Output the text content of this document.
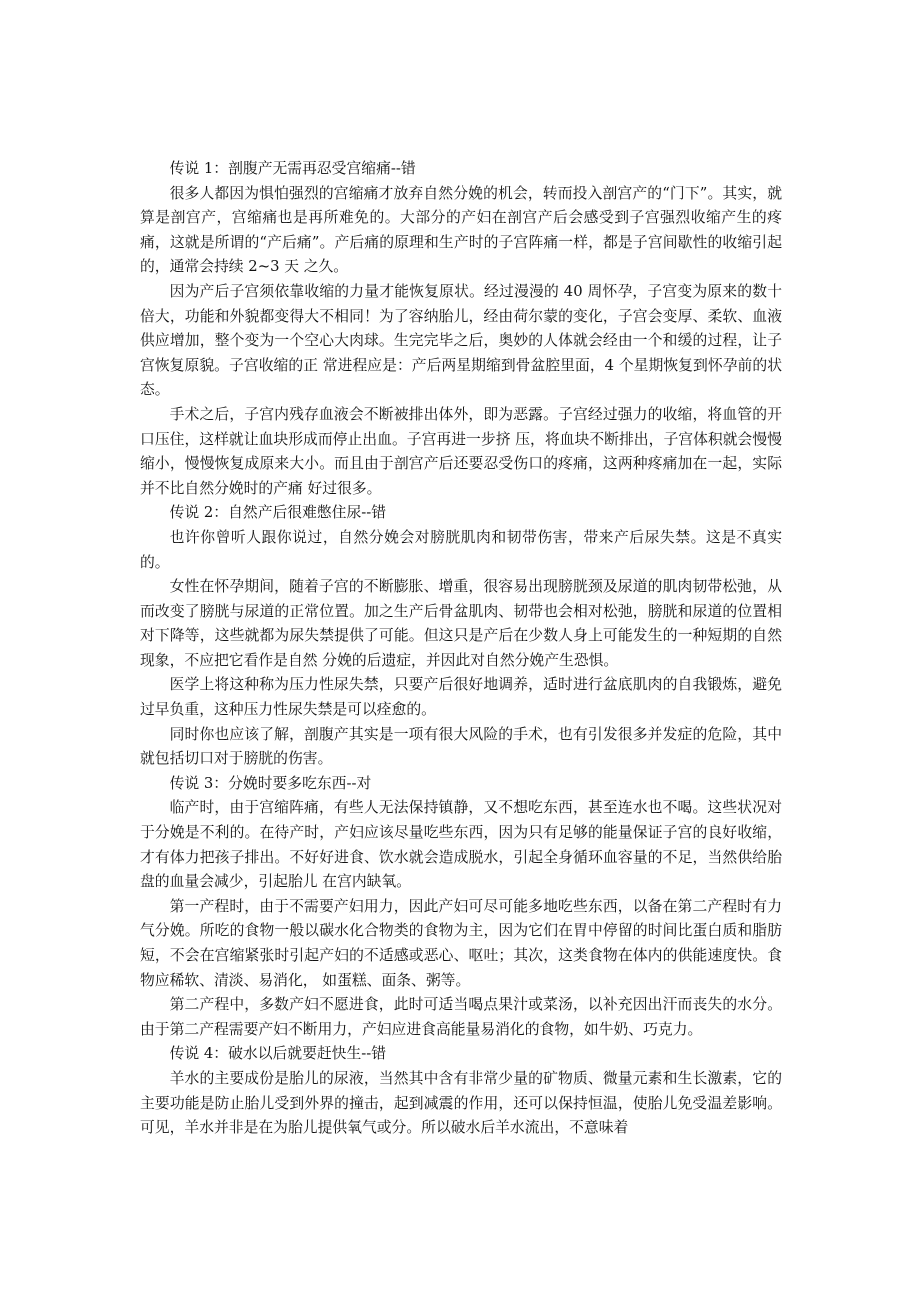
传说 1：剖腹产无需再忍受宫缩痛--错

很多人都因为惧怕强烈的宫缩痛才放弃自然分娩的机会，转而投入剖宫产的“门下”。其实，就算是剖宫产，宫缩痛也是再所难免的。大部分的产妇在剖宫产后会感受到子宫强烈收缩产生的疼痛，这就是所谓的“产后痛”。产后痛的原理和生产时的子宫阵痛一样，都是子宫间歇性的收缩引起的，通常会持续 2~3 天 之久。

因为产后子宫须依靠收缩的力量才能恢复原状。经过漫漫的 40 周怀孕，子宫变为原来的数十倍大，功能和外貌都变得大不相同！为了容纳胎儿，经由荷尔蒙的变化，子宫会变厚、柔软、血液供应增加，整个变为一个空心大肉球。生完完毕之后，奥妙的人体就会经由一个和缓的过程，让子宫恢复原貌。子宫收缩的正 常进程应是：产后两星期缩到骨盆腔里面，4 个星期恢复到怀孕前的状态。

手术之后，子宫内残存血液会不断被排出体外，即为恶露。子宫经过强力的收缩，将血管的开口压住，这样就让血块形成而停止出血。子宫再进一步挤 压，将血块不断排出，子宫体积就会慢慢缩小，慢慢恢复成原来大小。而且由于剖宫产后还要忍受伤口的疼痛，这两种疼痛加在一起，实际并不比自然分娩时的产痛 好过很多。

传说 2：自然产后很难憋住尿--错

也许你曾听人跟你说过，自然分娩会对膀胱肌肉和韧带伤害，带来产后尿失禁。这是不真实的。

女性在怀孕期间，随着子宫的不断膨胀、增重，很容易出现膀胱颈及尿道的肌肉韧带松弛，从而改变了膀胱与尿道的正常位置。加之生产后骨盆肌肉、韧带也会相对松弛，膀胱和尿道的位置相对下降等，这些就都为尿失禁提供了可能。但这只是产后在少数人身上可能发生的一种短期的自然现象，不应把它看作是自然 分娩的后遗症，并因此对自然分娩产生恐惧。

医学上将这种称为压力性尿失禁，只要产后很好地调养，适时进行盆底肌肉的自我锻炼，避免过早负重，这种压力性尿失禁是可以痊愈的。

同时你也应该了解，剖腹产其实是一项有很大风险的手术，也有引发很多并发症的危险，其中就包括切口对于膀胱的伤害。

传说 3：分娩时要多吃东西--对

临产时，由于宫缩阵痛，有些人无法保持镇静，又不想吃东西，甚至连水也不喝。这些状况对于分娩是不利的。在待产时，产妇应该尽量吃些东西，因为只有足够的能量保证子宫的良好收缩，才有体力把孩子排出。不好好进食、饮水就会造成脱水，引起全身循环血容量的不足，当然供给胎盘的血量会减少，引起胎儿 在宫内缺氧。

第一产程时，由于不需要产妇用力，因此产妇可尽可能多地吃些东西，以备在第二产程时有力气分娩。所吃的食物一般以碳水化合物类的食物为主，因为它们在胃中停留的时间比蛋白质和脂肪短，不会在宫缩紧张时引起产妇的不适感或恶心、呕吐；其次，这类食物在体内的供能速度快。食物应稀软、清淡、易消化， 如蛋糕、面条、粥等。

第二产程中，多数产妇不愿进食，此时可适当喝点果汁或菜汤，以补充因出汗而丧失的水分。由于第二产程需要产妇不断用力，产妇应进食高能量易消化的食物，如牛奶、巧克力。

传说 4：破水以后就要赶快生--错

羊水的主要成份是胎儿的尿液，当然其中含有非常少量的矿物质、微量元素和生长激素，它的主要功能是防止胎儿受到外界的撞击，起到减震的作用，还可以保持恒温，使胎儿免受温差影响。可见，羊水并非是在为胎儿提供氧气或分。所以破水后羊水流出，不意味着
